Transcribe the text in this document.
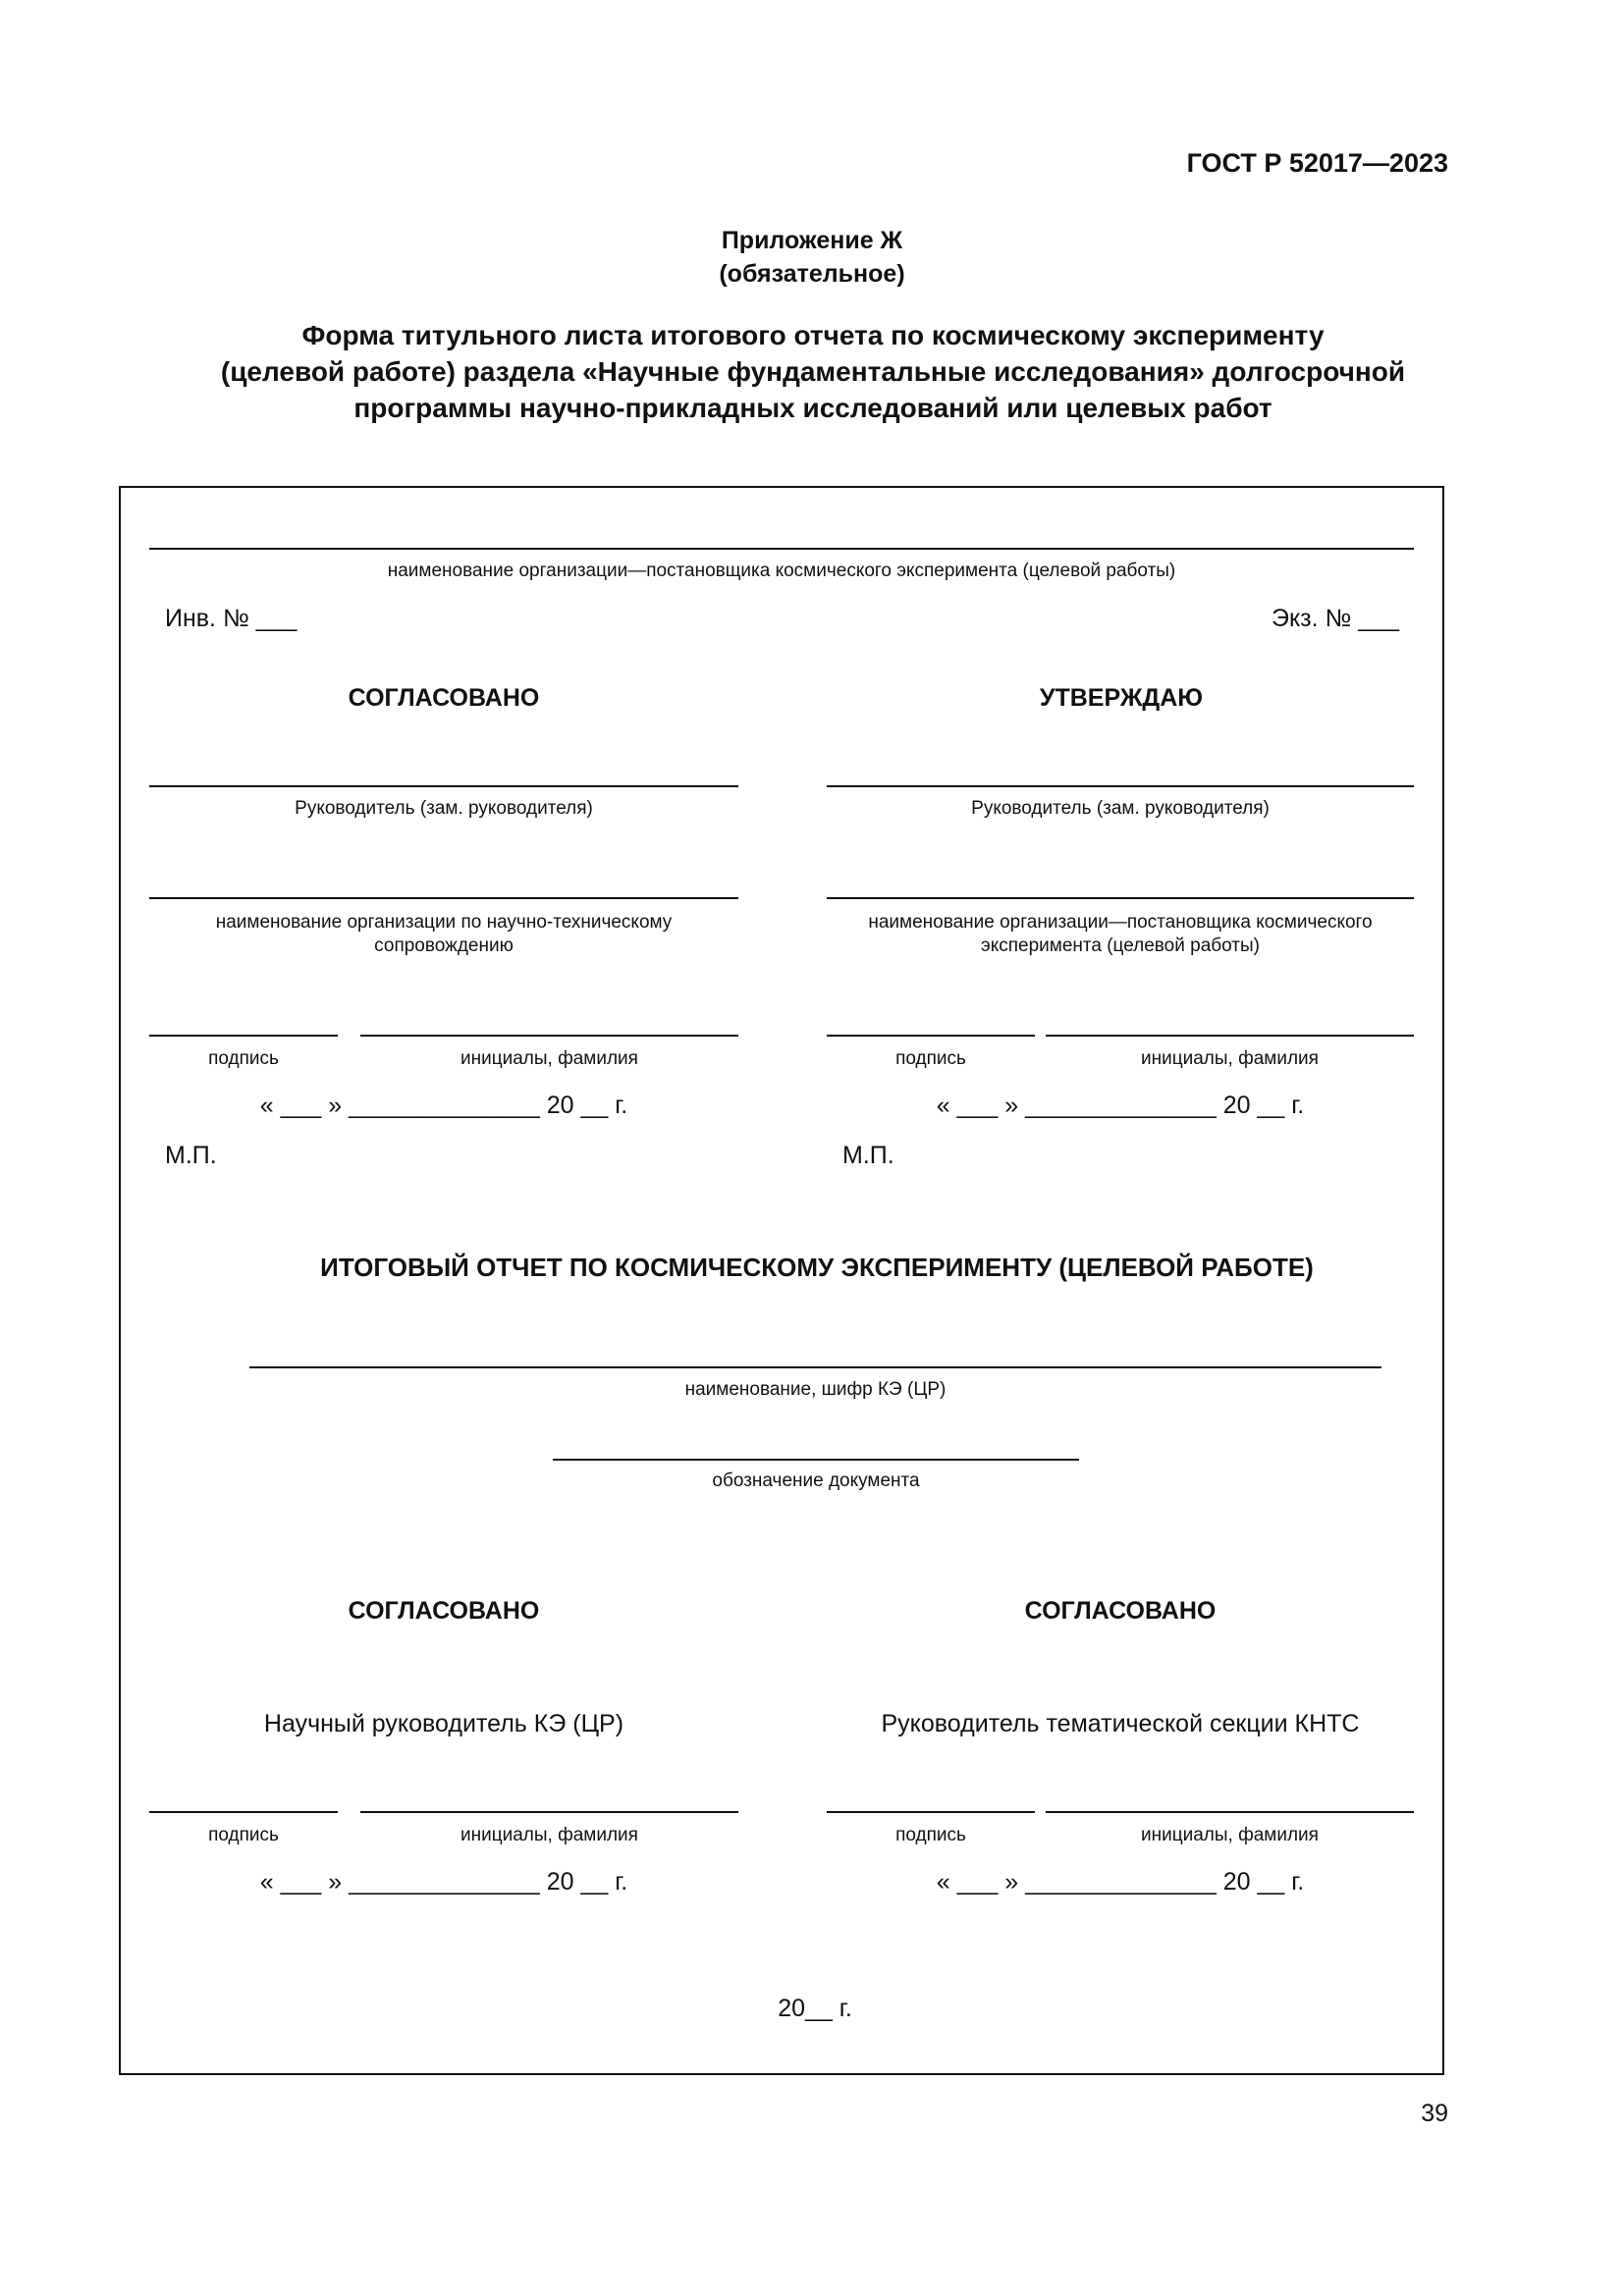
ГОСТ Р 52017—2023
Приложение Ж
(обязательное)
Форма титульного листа итогового отчета по космическому эксперименту
(целевой работе) раздела «Научные фундаментальные исследования» долгосрочной
программы научно-прикладных исследований или целевых работ
наименование организации—постановщика космического эксперимента (целевой работы)
Инв. № ___	Экз. № ___
СОГЛАСОВАНО
Руководитель (зам. руководителя)
наименование организации по научно-техническому
сопровождению
подпись	инициалы, фамилия
« ___ » ______________ 20 __ г.
М.П.
УТВЕРЖДАЮ
Руководитель (зам. руководителя)
наименование организации—постановщика космического
эксперимента (целевой работы)
подпись	инициалы, фамилия
« ___ » ______________ 20 __ г.
М.П.
ИТОГОВЫЙ ОТЧЕТ ПО КОСМИЧЕСКОМУ ЭКСПЕРИМЕНТУ (ЦЕЛЕВОЙ РАБОТЕ)
наименование, шифр КЭ (ЦР)
обозначение документа
СОГЛАСОВАНО
Научный руководитель КЭ (ЦР)
подпись	инициалы, фамилия
« ___ » ______________ 20 __ г.
СОГЛАСОВАНО
Руководитель тематической секции КНТС
подпись	инициалы, фамилия
« ___ » ______________ 20 __ г.
20__ г.
39
